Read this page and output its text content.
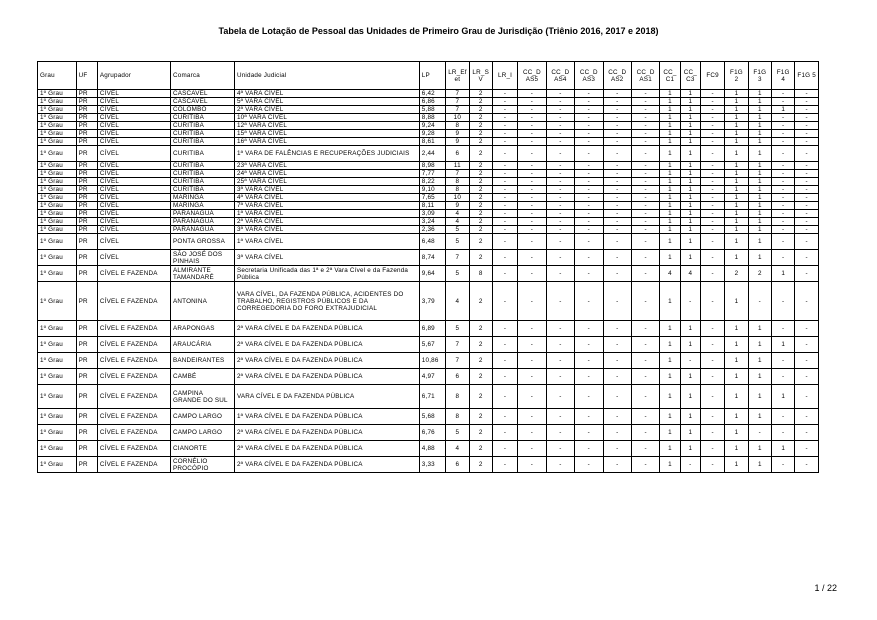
Tabela de Lotação de Pessoal das Unidades de Primeiro Grau de Jurisdição (Triênio 2016, 2017 e 2018)
Grau	UF	Agrupador	Comarca	Unidade Judicial	LP	LR_Ef et	LR_S V	LR_I	CC_D AS5	CC_D AS4	CC_D AS3	CC_D AS2	CC_D AS1	CC_ C1	CC_ C3	FC9	F1G 2	F1G 3	F1G 4	F1G 5
1º Grau	PR	CÍVEL	CASCAVEL	4ª VARA CÍVEL	6,42	7	2	-	-	-	-	-	-	1	1	-	1	1	-	-
1º Grau	PR	CÍVEL	CASCAVEL	5ª VARA CÍVEL	6,86	7	2	-	-	-	-	-	-	1	1	-	1	1	-	-
1º Grau	PR	CÍVEL	COLOMBO	2ª VARA CÍVEL	5,88	7	2	-	-	-	-	-	-	1	1	-	1	1	1	-
1º Grau	PR	CÍVEL	CURITIBA	10ª VARA CÍVEL	8,88	10	2	-	-	-	-	-	-	1	1	-	1	1	-	-
1º Grau	PR	CÍVEL	CURITIBA	12ª VARA CÍVEL	9,24	8	2	-	-	-	-	-	-	1	1	-	1	1	-	-
1º Grau	PR	CÍVEL	CURITIBA	15ª VARA CÍVEL	9,28	9	2	-	-	-	-	-	-	1	1	-	1	1	-	-
1º Grau	PR	CÍVEL	CURITIBA	16ª VARA CÍVEL	8,61	9	2	-	-	-	-	-	-	1	1	-	1	1	-	-
1º Grau	PR	CÍVEL	CURITIBA	1ª VARA DE FALÊNCIAS E RECUPERAÇÕES JUDICIAIS	2,44	6	2	-	-	-	-	-	-	1	1	-	1	1	-	-
1º Grau	PR	CÍVEL	CURITIBA	23ª VARA CÍVEL	8,98	11	2	-	-	-	-	-	-	1	1	-	1	1	-	-
1º Grau	PR	CÍVEL	CURITIBA	24ª VARA CÍVEL	7,77	7	2	-	-	-	-	-	-	1	1	-	1	1	-	-
1º Grau	PR	CÍVEL	CURITIBA	25ª VARA CÍVEL	8,22	8	2	-	-	-	-	-	-	1	1	-	1	1	-	-
1º Grau	PR	CÍVEL	CURITIBA	3ª VARA CÍVEL	9,10	8	2	-	-	-	-	-	-	1	1	-	1	1	-	-
1º Grau	PR	CÍVEL	MARINGÁ	4ª VARA CÍVEL	7,65	10	2	-	-	-	-	-	-	1	1	-	1	1	-	-
1º Grau	PR	CÍVEL	MARINGÁ	7ª VARA CÍVEL	8,11	9	2	-	-	-	-	-	-	1	1	-	1	1	-	-
1º Grau	PR	CÍVEL	PARANAGUÁ	1ª VARA CÍVEL	3,09	4	2	-	-	-	-	-	-	1	1	-	1	1	-	-
1º Grau	PR	CÍVEL	PARANAGUÁ	2ª VARA CÍVEL	3,24	4	2	-	-	-	-	-	-	1	1	-	1	1	-	-
1º Grau	PR	CÍVEL	PARANAGUÁ	3ª VARA CÍVEL	2,36	5	2	-	-	-	-	-	-	1	1	-	1	1	-	-
1º Grau	PR	CÍVEL	PONTA GROSSA	1ª VARA CÍVEL	6,48	5	2	-	-	-	-	-	-	1	1	-	1	1	-	-
1º Grau	PR	CÍVEL	SÃO JOSÉ DOS PINHAIS	3ª VARA CÍVEL	8,74	7	2	-	-	-	-	-	-	1	1	-	1	1	-	-
1º Grau	PR	CÍVEL E FAZENDA	ALMIRANTE TAMANDARÉ	Secretaria Unificada das 1ª e 2ª Vara Cível e da Fazenda Pública	9,64	5	8	-	-	-	-	-	-	4	4	-	2	2	1	-
1º Grau	PR	CÍVEL E FAZENDA	ANTONINA	VARA CÍVEL, DA FAZENDA PÚBLICA, ACIDENTES DO TRABALHO, REGISTROS PÚBLICOS E DA CORREGEDORIA DO FORO EXTRAJUDICIAL	3,79	4	2	-	-	-	-	-	-	1	-	-	1	-	-	-
1º Grau	PR	CÍVEL E FAZENDA	ARAPONGAS	2ª VARA CÍVEL E DA FAZENDA PÚBLICA	6,89	5	2	-	-	-	-	-	-	1	1	-	1	1	-	-
1º Grau	PR	CÍVEL E FAZENDA	ARAUCÁRIA	2ª VARA CÍVEL E DA FAZENDA PÚBLICA	5,67	7	2	-	-	-	-	-	-	1	1	-	1	1	1	-
1º Grau	PR	CÍVEL E FAZENDA	BANDEIRANTES	2ª VARA CÍVEL E DA FAZENDA PÚBLICA	10,86	7	2	-	-	-	-	-	-	1	-	-	1	1	-	-
1º Grau	PR	CÍVEL E FAZENDA	CAMBÉ	2ª VARA CÍVEL E DA FAZENDA PÚBLICA	4,97	6	2	-	-	-	-	-	-	1	1	-	1	1	-	-
1º Grau	PR	CÍVEL E FAZENDA	CAMPINA GRANDE DO SUL	VARA CÍVEL E DA FAZENDA PÚBLICA	6,71	8	2	-	-	-	-	-	-	1	1	-	1	1	1	-
1º Grau	PR	CÍVEL E FAZENDA	CAMPO LARGO	1ª VARA CÍVEL E DA FAZENDA PÚBLICA	5,68	8	2	-	-	-	-	-	-	1	1	-	1	1	-	-
1º Grau	PR	CÍVEL E FAZENDA	CAMPO LARGO	2ª VARA CÍVEL E DA FAZENDA PÚBLICA	6,76	5	2	-	-	-	-	-	-	1	1	-	1	-	-	-
1º Grau	PR	CÍVEL E FAZENDA	CIANORTE	2ª VARA CÍVEL E DA FAZENDA PÚBLICA	4,88	4	2	-	-	-	-	-	-	1	1	-	1	1	1	-
1º Grau	PR	CÍVEL E FAZENDA	CORNÉLIO PROCÓPIO	2ª VARA CÍVEL E DA FAZENDA PÚBLICA	3,33	6	2	-	-	-	-	-	-	1	-	-	1	1	-	-
1 / 22
